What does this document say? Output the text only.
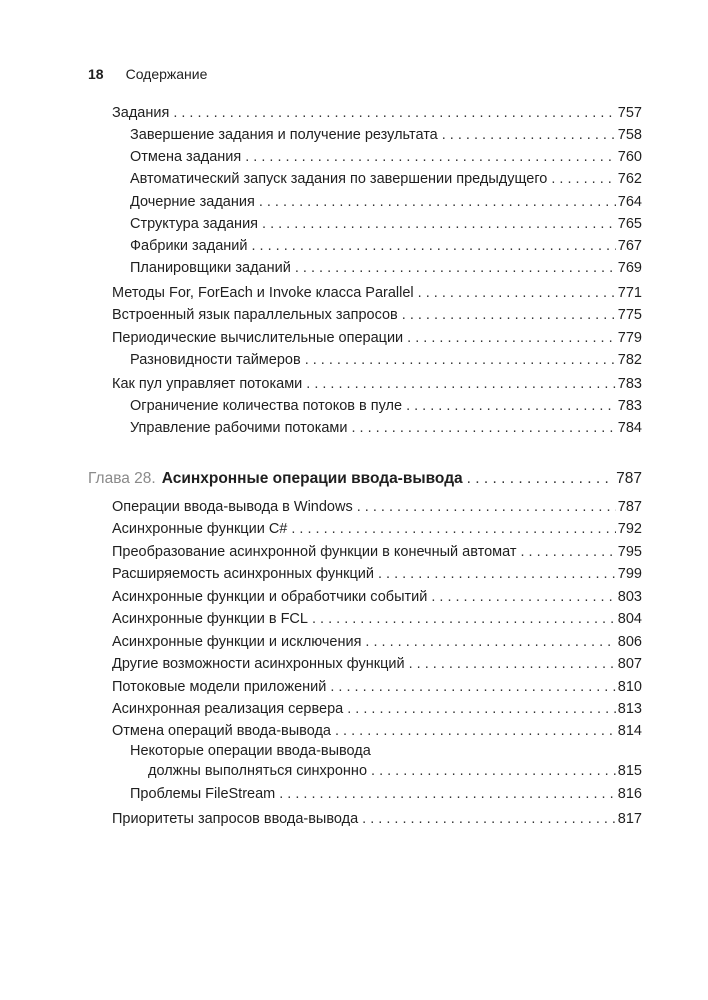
18 Содержание
Задания . . .	757
Завершение задания и получение результата . . .	758
Отмена задания . . .	760
Автоматический запуск задания по завершении предыдущего . . .	762
Дочерние задания . . .	764
Структура задания . . .	765
Фабрики заданий . . .	767
Планировщики заданий . . .	769
Методы For, ForEach и Invoke класса Parallel . . .	771
Встроенный язык параллельных запросов . . .	775
Периодические вычислительные операции . . .	779
Разновидности таймеров . . .	782
Как пул управляет потоками . . .	783
Ограничение количества потоков в пуле . . .	783
Управление рабочими потоками . . .	784
Глава 28. Асинхронные операции ввода-вывода . . .	787
Операции ввода-вывода в Windows . . .	787
Асинхронные функции C# . . .	792
Преобразование асинхронной функции в конечный автомат . . .	795
Расширяемость асинхронных функций . . .	799
Асинхронные функции и обработчики событий . . .	803
Асинхронные функции в FCL . . .	804
Асинхронные функции и исключения . . .	806
Другие возможности асинхронных функций . . .	807
Потоковые модели приложений . . .	810
Асинхронная реализация сервера . . .	813
Отмена операций ввода-вывода . . .	814
Некоторые операции ввода-вывода
должны выполняться синхронно . . .	815
Проблемы FileStream . . .	816
Приоритеты запросов ввода-вывода . . .	817
